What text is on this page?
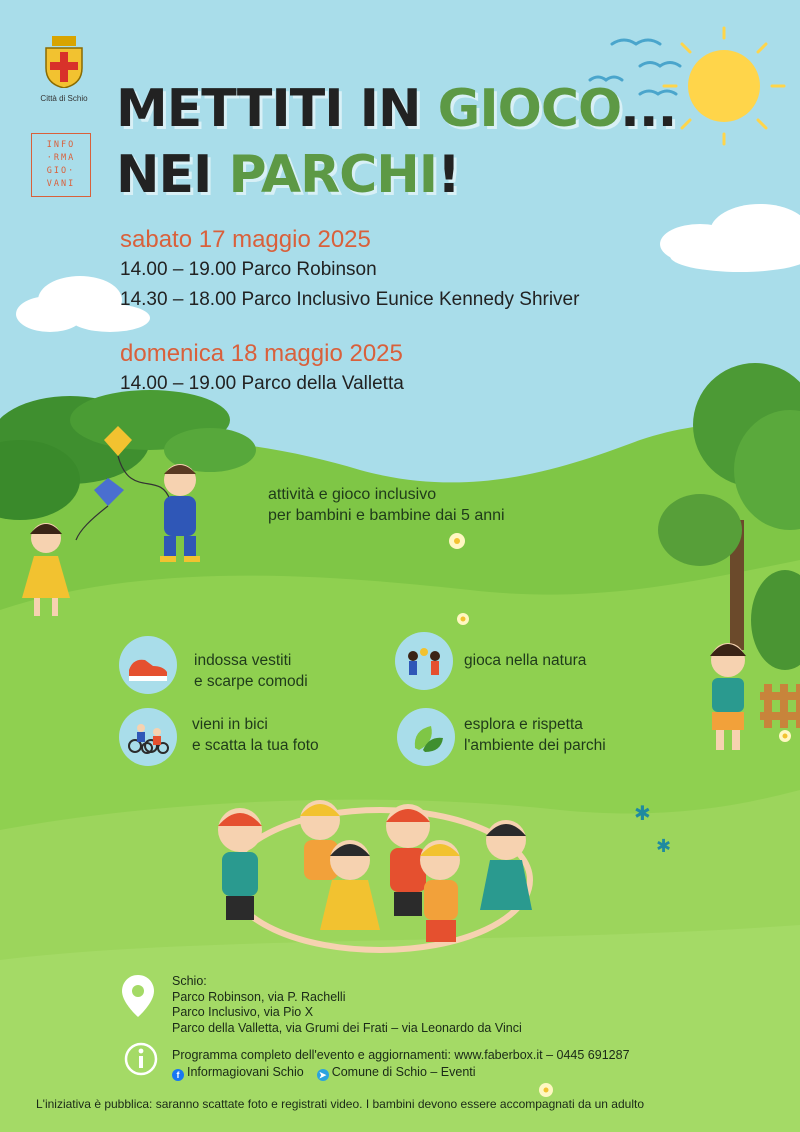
✱
✱
Città di Schio
INFO
·RMA
GIO·
VANI
METTITI IN GIOCO...
NEI PARCHI!
sabato 17 maggio 2025
14.00 – 19.00 Parco Robinson
14.30 – 18.00 Parco Inclusivo Eunice Kennedy Shriver
domenica 18 maggio 2025
14.00 – 19.00 Parco della Valletta
attività e gioco inclusivo
per bambini e bambine dai 5 anni
indossa vestiti
e scarpe comodi
gioca nella natura
vieni in bici
e scatta la tua foto
esplora e rispetta
l'ambiente dei parchi
Schio:
Parco Robinson, via P. Rachelli
Parco Inclusivo, via Pio X
Parco della Valletta, via Grumi dei Frati – via Leonardo da Vinci
Programma completo dell'evento e aggiornamenti: www.faberbox.it – 0445 691287
f Informagiovani Schio ➤ Comune di Schio – Eventi
L'iniziativa è pubblica: saranno scattate foto e registrati video. I bambini devono essere accompagnati da un adulto
